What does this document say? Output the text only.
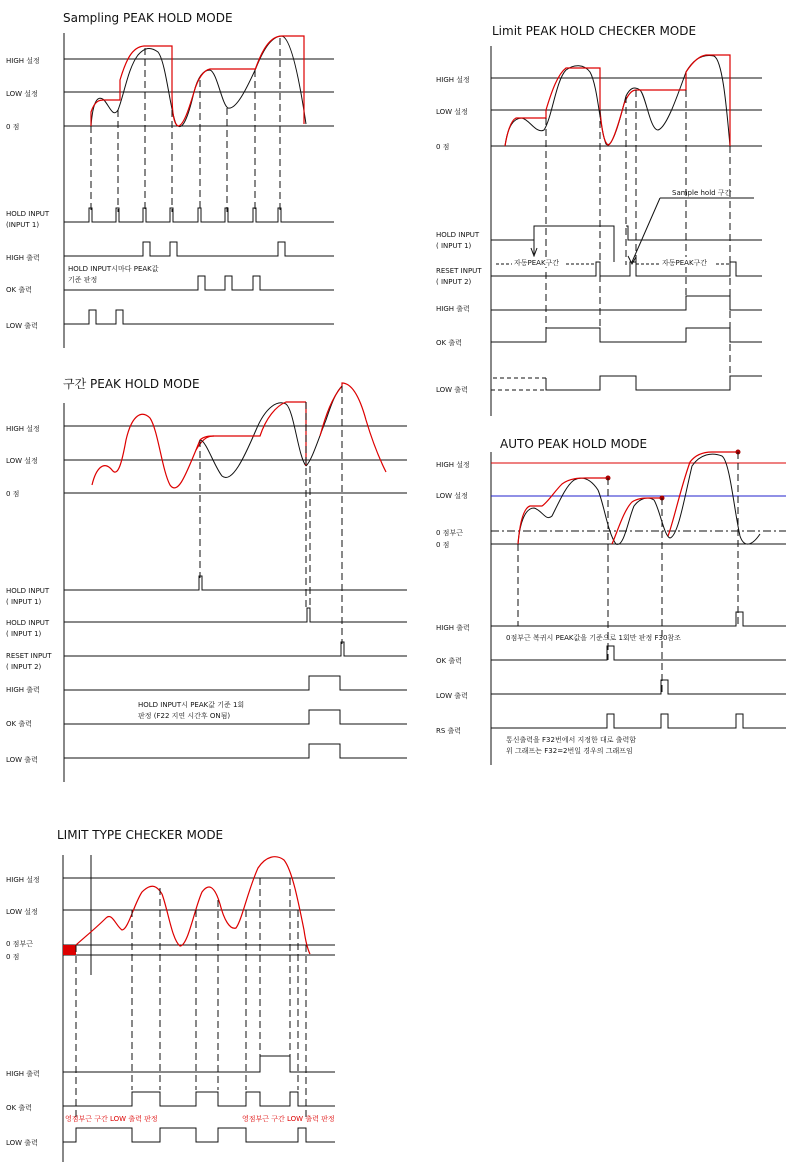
Sampling PEAK HOLD MODE
HIGH 설정
LOW 설정
0 점
HOLD INPUT
(INPUT 1)
HIGH 출력
OK 출력
LOW 출력
HOLD INPUT시마다 PEAK값
기준 판정
Limit PEAK HOLD CHECKER MODE
HIGH 설정
LOW 설정
0 점
HOLD INPUT
( INPUT 1)
RESET INPUT
( INPUT 2)
HIGH 출력
OK 출력
LOW 출력
Sample hold 구간
자동PEAK구간	자동PEAK구간
구간 PEAK HOLD MODE
HIGH 설정
LOW 설정
0 점
HOLD INPUT
( INPUT 1)
HOLD INPUT
( INPUT 1)
RESET INPUT
( INPUT 2)
HIGH 출력
OK 출력
LOW 출력
HOLD INPUT시 PEAK값 기준 1회
판정 (F22 지연 시간후 ON됨)
AUTO PEAK HOLD MODE
HIGH 설정
LOW 설정
0 점부근
0 점
HIGH 출력
OK 출력
LOW 출력
RS 출력
0점부근 복귀시 PEAK값을 기준으로 1회만 판정 F30참조
통신출력을 F32번에서 지정한 대로 출력함
위 그래프는 F32=2번일 경우의 그래프임
LIMIT TYPE CHECKER MODE
HIGH 설정
LOW 설정
0 점부근
0 점
HIGH 출력
OK 출력
LOW 출력
영점부근 구간 LOW 출력 판정	영점부근 구간 LOW 출력 판정
